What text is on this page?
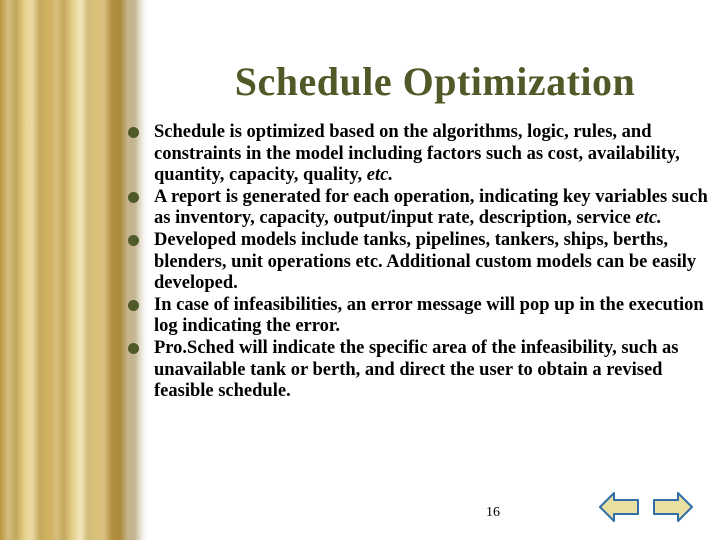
Schedule Optimization
Schedule is optimized based on the algorithms, logic, rules, and constraints in the model including factors such as cost, availability, quantity, capacity, quality, etc.
A report is generated for each operation, indicating key variables such as inventory, capacity, output/input rate, description, service etc.
Developed models include tanks, pipelines, tankers, ships, berths, blenders, unit operations etc. Additional custom models can be easily developed.
In case of infeasibilities, an error message will pop up in the execution log indicating the error.
Pro.Sched will indicate the specific area of the infeasibility, such as unavailable tank or berth, and direct the user to obtain a revised feasible schedule.
16
